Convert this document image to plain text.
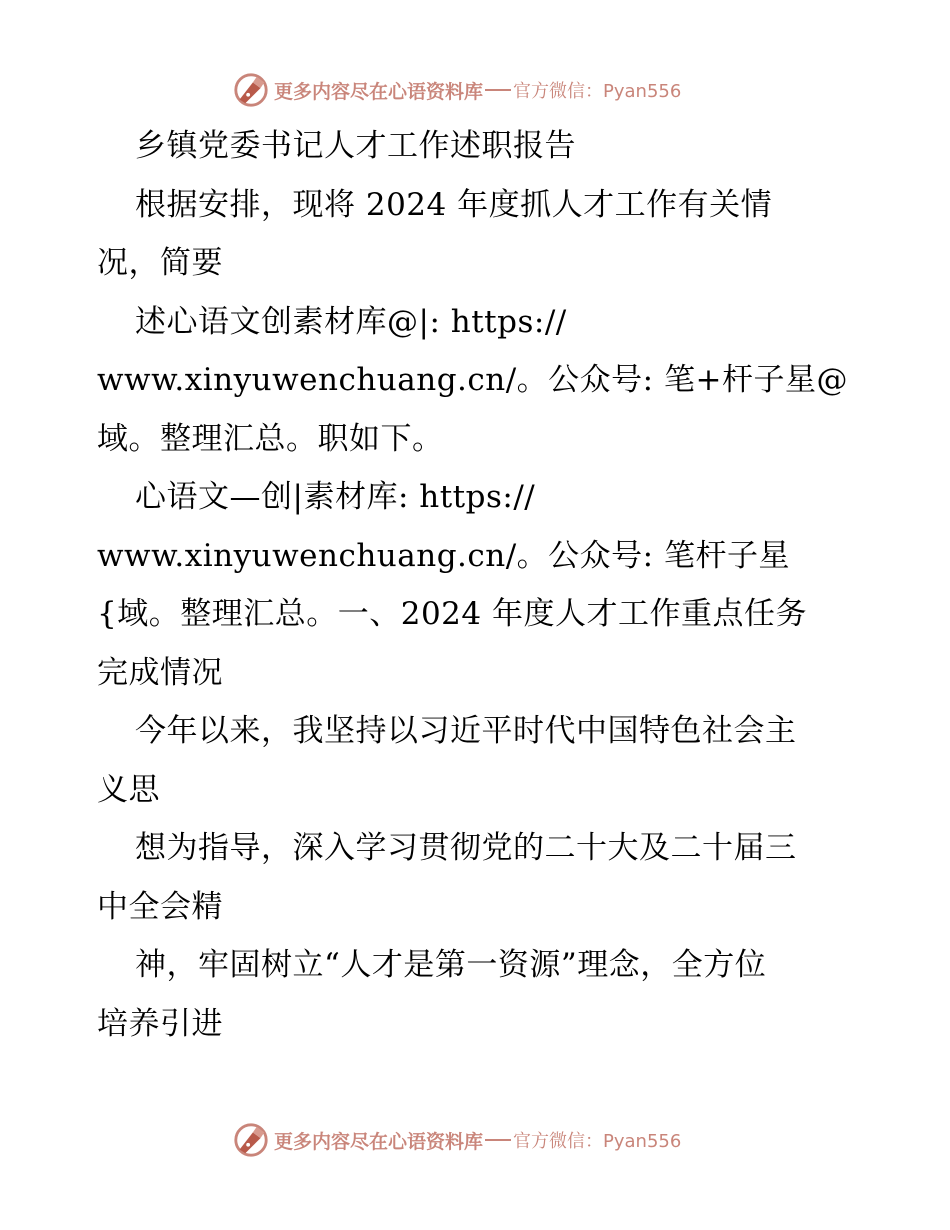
更多内容尽在心语资料库 官方微信：Pyan556
乡镇党委书记人才工作述职报告
根据安排，现将 2024 年度抓人才工作有关情
况，简要
述心语文创素材库@|: https://
www.xinyuwenchuang.cn/。公众号: 笔+杆子星@
域。整理汇总。职如下。
心语文—创|素材库: https://
www.xinyuwenchuang.cn/。公众号: 笔杆子星
{域。整理汇总。一、2024 年度人才工作重点任务
完成情况
今年以来，我坚持以习近平时代中国特色社会主
义思
想为指导，深入学习贯彻党的二十大及二十届三
中全会精
神，牢固树立“人才是第一资源”理念，全方位
培养引进
更多内容尽在心语资料库 官方微信：Pyan556
